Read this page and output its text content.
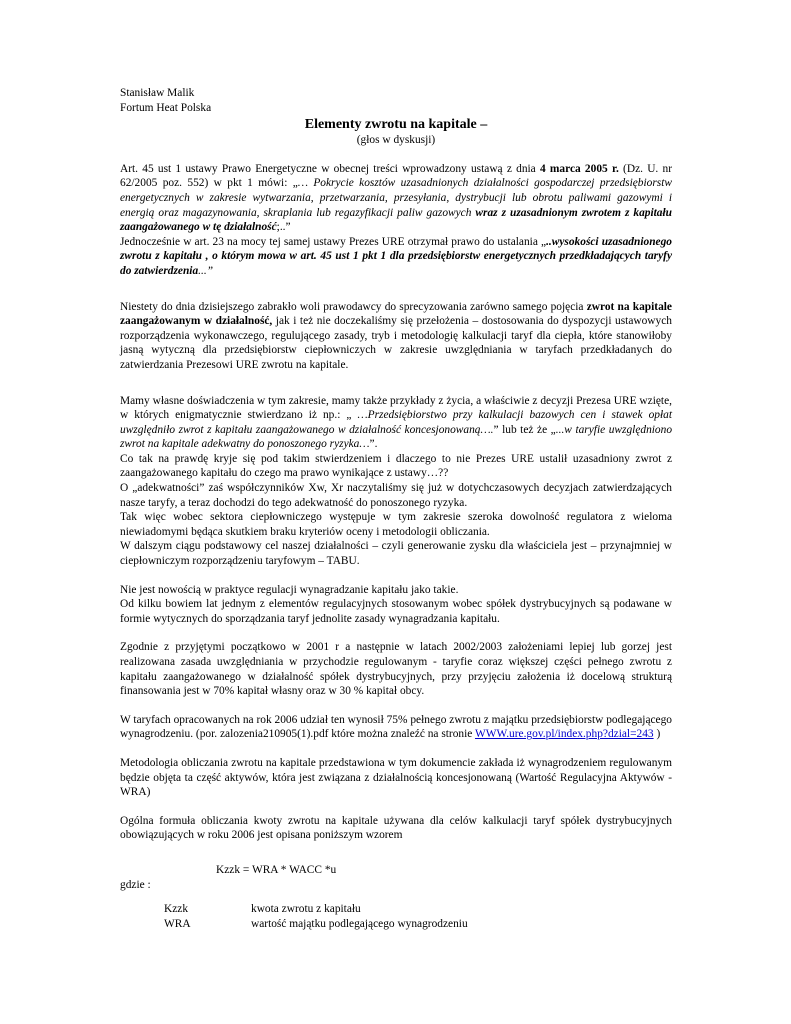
Stanisław Malik

Fortum Heat Polska

Elementy zwrotu na kapitale –

(głos w dyskusji)

Art. 45 ust 1 ustawy Prawo Energetyczne w obecnej treści wprowadzony ustawą z dnia 4 marca 2005 r. (Dz. U. nr 62/2005 poz. 552) w pkt 1 mówi: „… Pokrycie kosztów uzasadnionych działalności gospodarczej przedsiębiorstw energetycznych w zakresie wytwarzania, przetwarzania, przesyłania, dystrybucji lub obrotu paliwami gazowymi i energią oraz magazynowania, skraplania lub regazyfikacji paliw gazowych wraz z uzasadnionym zwrotem z kapitału zaangażowanego w tę działalność;..”

Jednocześnie w art. 23 na mocy tej samej ustawy Prezes URE otrzymał prawo do ustalania „..wysokości uzasadnionego zwrotu z kapitału , o którym mowa w art. 45 ust 1 pkt 1 dla przedsiębiorstw energetycznych przedkładających taryfy do zatwierdzenia...”

Niestety do dnia dzisiejszego zabrakło woli prawodawcy do sprecyzowania zarówno samego pojęcia zwrot na kapitale zaangażowanym w działalność, jak i też nie doczekaliśmy się przełożenia – dostosowania do dyspozycji ustawowych rozporządzenia wykonawczego, regulującego zasady, tryb i metodologię kalkulacji taryf dla ciepła, które stanowiłoby jasną wytyczną dla przedsiębiorstw ciepłowniczych w zakresie uwzględniania w taryfach przedkładanych do zatwierdzania Prezesowi URE zwrotu na kapitale.

Mamy własne doświadczenia w tym zakresie, mamy także przykłady z życia, a właściwie z decyzji Prezesa URE wzięte, w których enigmatycznie stwierdzano iż np.: „ …Przedsiębiorstwo przy kalkulacji bazowych cen i stawek opłat uwzględniło zwrot z kapitału zaangażowanego w działalność koncesjonowaną….” lub też że „...w taryfie uwzględniono zwrot na kapitale adekwatny do ponoszonego ryzyka…”.

Co tak na prawdę kryje się pod takim stwierdzeniem i dlaczego to nie Prezes URE ustalił uzasadniony zwrot z zaangażowanego kapitału do czego ma prawo wynikające z ustawy…??

O „adekwatności” zaś współczynników Xw, Xr naczytaliśmy się już w dotychczasowych decyzjach zatwierdzających nasze taryfy, a teraz dochodzi do tego adekwatność do ponoszonego ryzyka.

Tak więc wobec sektora ciepłowniczego występuje w tym zakresie szeroka dowolność regulatora z wieloma niewiadomymi będąca skutkiem braku kryteriów oceny i metodologii obliczania.

W dalszym ciągu podstawowy cel naszej działalności – czyli generowanie zysku dla właściciela jest – przynajmniej w ciepłowniczym rozporządzeniu taryfowym – TABU.

Nie jest nowością w praktyce regulacji wynagradzanie kapitału jako takie.

Od kilku bowiem lat jednym z elementów regulacyjnych stosowanym wobec spółek dystrybucyjnych są podawane w formie wytycznych do sporządzania taryf jednolite zasady wynagradzania kapitału.

Zgodnie z przyjętymi początkowo w 2001 r a następnie w latach 2002/2003 założeniami lepiej lub gorzej jest realizowana zasada uwzględniania w przychodzie regulowanym - taryfie coraz większej części pełnego zwrotu z kapitału zaangażowanego w działalność spółek dystrybucyjnych, przy przyjęciu założenia iż docelową strukturą finansowania jest w 70% kapitał własny oraz w 30 % kapitał obcy.

W taryfach opracowanych na rok 2006 udział ten wynosił 75% pełnego zwrotu z majątku przedsiębiorstw podlegającego wynagrodzeniu. (por. zalozenia210905(1).pdf które można znaleźć na stronie WWW.ure.gov.pl/index.php?dzial=243 )

Metodologia obliczania zwrotu na kapitale przedstawiona w tym dokumencie zakłada iż wynagrodzeniem regulowanym będzie objęta ta część aktywów, która jest związana z działalnością koncesjonowaną (Wartość Regulacyjna Aktywów - WRA)

Ogólna formuła obliczania kwoty zwrotu na kapitale używana dla celów kalkulacji taryf spółek dystrybucyjnych obowiązujących w roku 2006 jest opisana poniższym wzorem

Kzzk = WRA * WACC *u

gdzie :

Kzzk	kwota zwrotu z kapitału
WRA	wartość majątku podlegającego wynagrodzeniu
